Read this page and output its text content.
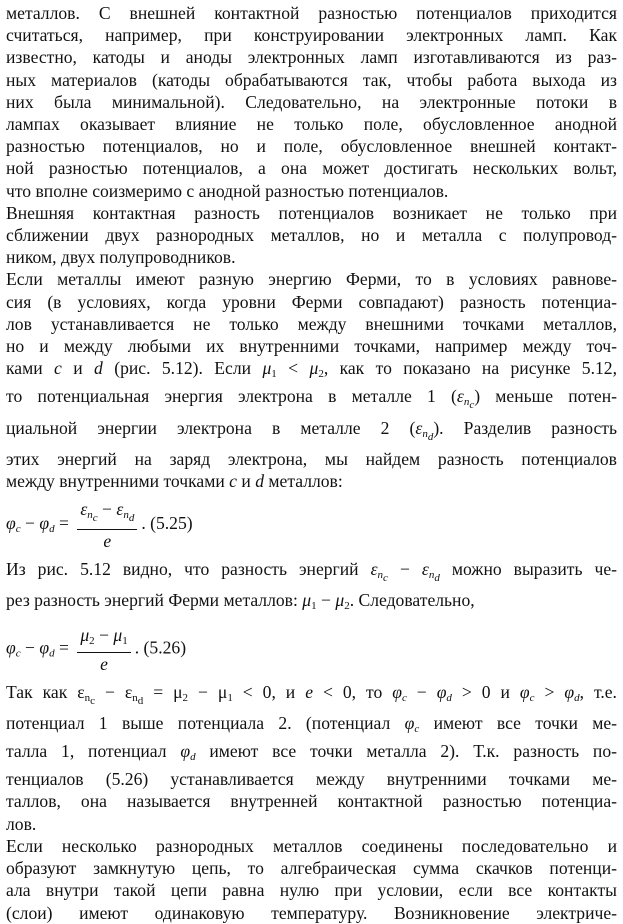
металлов. С внешней контактной разностью потенциалов приходится
считаться, например, при конструировании электронных ламп. Как
известно, катоды и аноды электронных ламп изготавливаются из раз-
ных материалов (катоды обрабатываются так, чтобы работа выхода из
них была минимальной). Следовательно, на электронные потоки в
лампах оказывает влияние не только поле, обусловленное анодной
разностью потенциалов, но и поле, обусловленное внешней контакт-
ной разностью потенциалов, а она может достигать нескольких вольт,
что вполне соизмеримо с анодной разностью потенциалов.
Внешняя контактная разность потенциалов возникает не только при
сближении двух разнородных металлов, но и металла с полупровод-
ником, двух полупроводников.
Если металлы имеют разную энергию Ферми, то в условиях равнове-
сия (в условиях, когда уровни Ферми совпадают) разность потенциа-
лов устанавливается не только между внешними точками металлов,
но и между любыми их внутренними точками, например между точ-
ками c и d (рис. 5.12). Если $\mu_1 < \mu_2$, как то показано на рисунке 5.12,
то потенциальная энергия электрона в металле 1 $(\varepsilon_{n_c})$ меньше потен-
циальной энергии электрона в металле 2 $(\varepsilon_{n_d})$. Разделив разность
этих энергий на заряд электрона, мы найдем разность потенциалов
между внутренними точками c и d металлов:
$\varphi_c - \varphi_d = \frac{\varepsilon_{n_c} - \varepsilon_{n_d}}{e}$ . (5.25)
Из рис. 5.12 видно, что разность энергий $\varepsilon_{n_c} - \varepsilon_{n_d}$ можно выразить че-
рез разность энергий Ферми металлов: $\mu_1 - \mu_2$. Следовательно,
$\varphi_c - \varphi_d = \frac{\mu_2 - \mu_1}{e}$ . (5.26)
Так как $\varepsilon_{n_c} - \varepsilon_{n_d} = \mu_2 - \mu_1 < 0$, и e < 0, то $\varphi_c - \varphi_d > 0$ и $\varphi_c > \varphi_d$, т.е.
потенциал 1 выше потенциала 2. (потенциал $\varphi_c$ имеют все точки ме-
талла 1, потенциал $\varphi_d$ имеют все точки металла 2). Т.к. разность по-
тенциалов (5.26) устанавливается между внутренними точками ме-
таллов, она называется внутренней контактной разностью потенциа-
лов.
Если несколько разнородных металлов соединены последовательно и
образуют замкнутую цепь, то алгебраическая сумма скачков потенци-
ала внутри такой цепи равна нулю при условии, если все контакты
(слои) имеют одинаковую температуру. Возникновение электриче-
